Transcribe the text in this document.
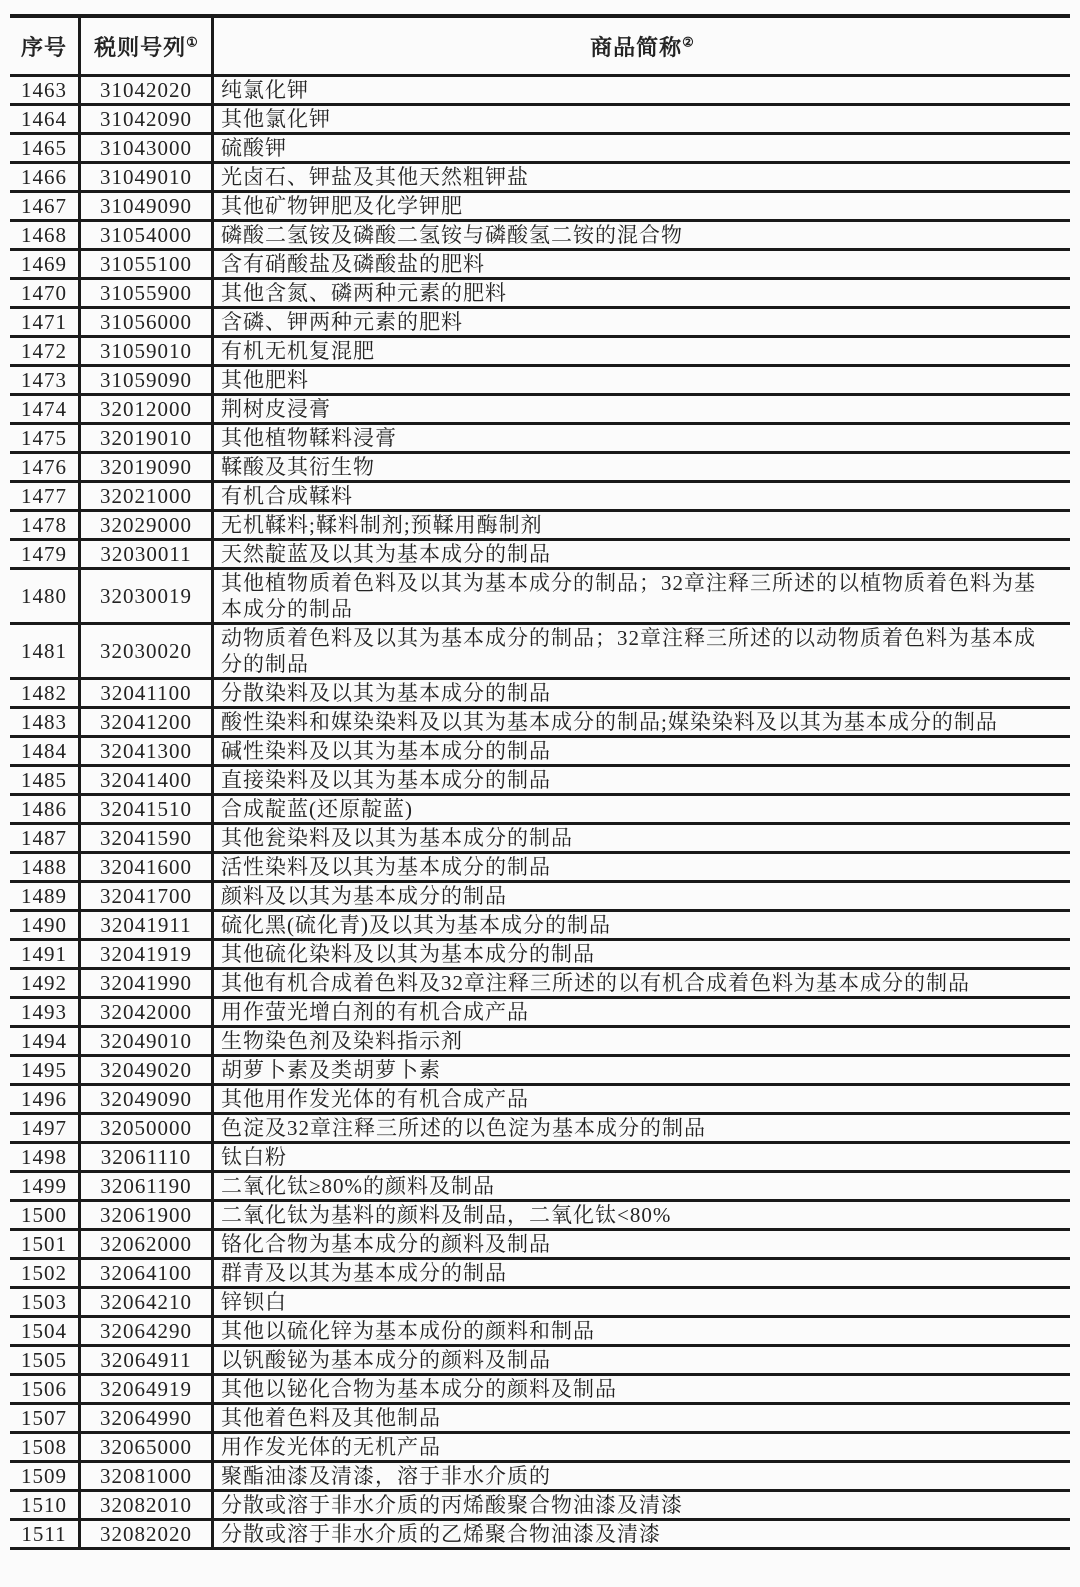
序号	税则号列①	商品简称②
1463	31042020	纯氯化钾
1464	31042090	其他氯化钾
1465	31043000	硫酸钾
1466	31049010	光卤石、钾盐及其他天然粗钾盐
1467	31049090	其他矿物钾肥及化学钾肥
1468	31054000	磷酸二氢铵及磷酸二氢铵与磷酸氢二铵的混合物
1469	31055100	含有硝酸盐及磷酸盐的肥料
1470	31055900	其他含氮、磷两种元素的肥料
1471	31056000	含磷、钾两种元素的肥料
1472	31059010	有机无机复混肥
1473	31059090	其他肥料
1474	32012000	荆树皮浸膏
1475	32019010	其他植物鞣料浸膏
1476	32019090	鞣酸及其衍生物
1477	32021000	有机合成鞣料
1478	32029000	无机鞣料;鞣料制剂;预鞣用酶制剂
1479	32030011	天然靛蓝及以其为基本成分的制品
1480	32030019	其他植物质着色料及以其为基本成分的制品；32章注释三所述的以植物质着色料为基本成分的制品
1481	32030020	动物质着色料及以其为基本成分的制品；32章注释三所述的以动物质着色料为基本成分的制品
1482	32041100	分散染料及以其为基本成分的制品
1483	32041200	酸性染料和媒染染料及以其为基本成分的制品;媒染染料及以其为基本成分的制品
1484	32041300	碱性染料及以其为基本成分的制品
1485	32041400	直接染料及以其为基本成分的制品
1486	32041510	合成靛蓝(还原靛蓝)
1487	32041590	其他瓮染料及以其为基本成分的制品
1488	32041600	活性染料及以其为基本成分的制品
1489	32041700	颜料及以其为基本成分的制品
1490	32041911	硫化黑(硫化青)及以其为基本成分的制品
1491	32041919	其他硫化染料及以其为基本成分的制品
1492	32041990	其他有机合成着色料及32章注释三所述的以有机合成着色料为基本成分的制品
1493	32042000	用作萤光增白剂的有机合成产品
1494	32049010	生物染色剂及染料指示剂
1495	32049020	胡萝卜素及类胡萝卜素
1496	32049090	其他用作发光体的有机合成产品
1497	32050000	色淀及32章注释三所述的以色淀为基本成分的制品
1498	32061110	钛白粉
1499	32061190	二氧化钛≥80%的颜料及制品
1500	32061900	二氧化钛为基料的颜料及制品，二氧化钛<80%
1501	32062000	铬化合物为基本成分的颜料及制品
1502	32064100	群青及以其为基本成分的制品
1503	32064210	锌钡白
1504	32064290	其他以硫化锌为基本成份的颜料和制品
1505	32064911	以钒酸铋为基本成分的颜料及制品
1506	32064919	其他以铋化合物为基本成分的颜料及制品
1507	32064990	其他着色料及其他制品
1508	32065000	用作发光体的无机产品
1509	32081000	聚酯油漆及清漆，溶于非水介质的
1510	32082010	分散或溶于非水介质的丙烯酸聚合物油漆及清漆
1511	32082020	分散或溶于非水介质的乙烯聚合物油漆及清漆
